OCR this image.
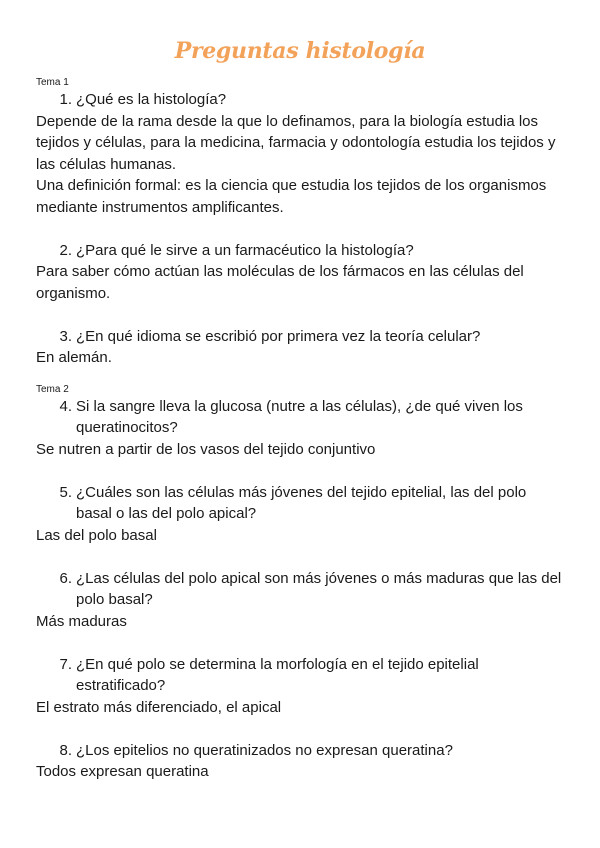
Preguntas histología

Tema 1

1. ¿Qué es la histología?

Depende de la rama desde la que lo definamos, para la biología estudia los tejidos y células, para la medicina, farmacia y odontología estudia los tejidos y las células humanas.

Una definición formal: es la ciencia que estudia los tejidos de los organismos mediante instrumentos amplificantes.

2. ¿Para qué le sirve a un farmacéutico la histología?

Para saber cómo actúan las moléculas de los fármacos en las células del organismo.

3. ¿En qué idioma se escribió por primera vez la teoría celular?

En alemán.

Tema 2

4. Si la sangre lleva la glucosa (nutre a las células), ¿de qué viven los queratinocitos?

Se nutren a partir de los vasos del tejido conjuntivo

5. ¿Cuáles son las células más jóvenes del tejido epitelial, las del polo basal o las del polo apical?

Las del polo basal

6. ¿Las células del polo apical son más jóvenes o más maduras que las del polo basal?

Más maduras

7. ¿En qué polo se determina la morfología en el tejido epitelial estratificado?

El estrato más diferenciado, el apical

8. ¿Los epitelios no queratinizados no expresan queratina?

Todos expresan queratina
